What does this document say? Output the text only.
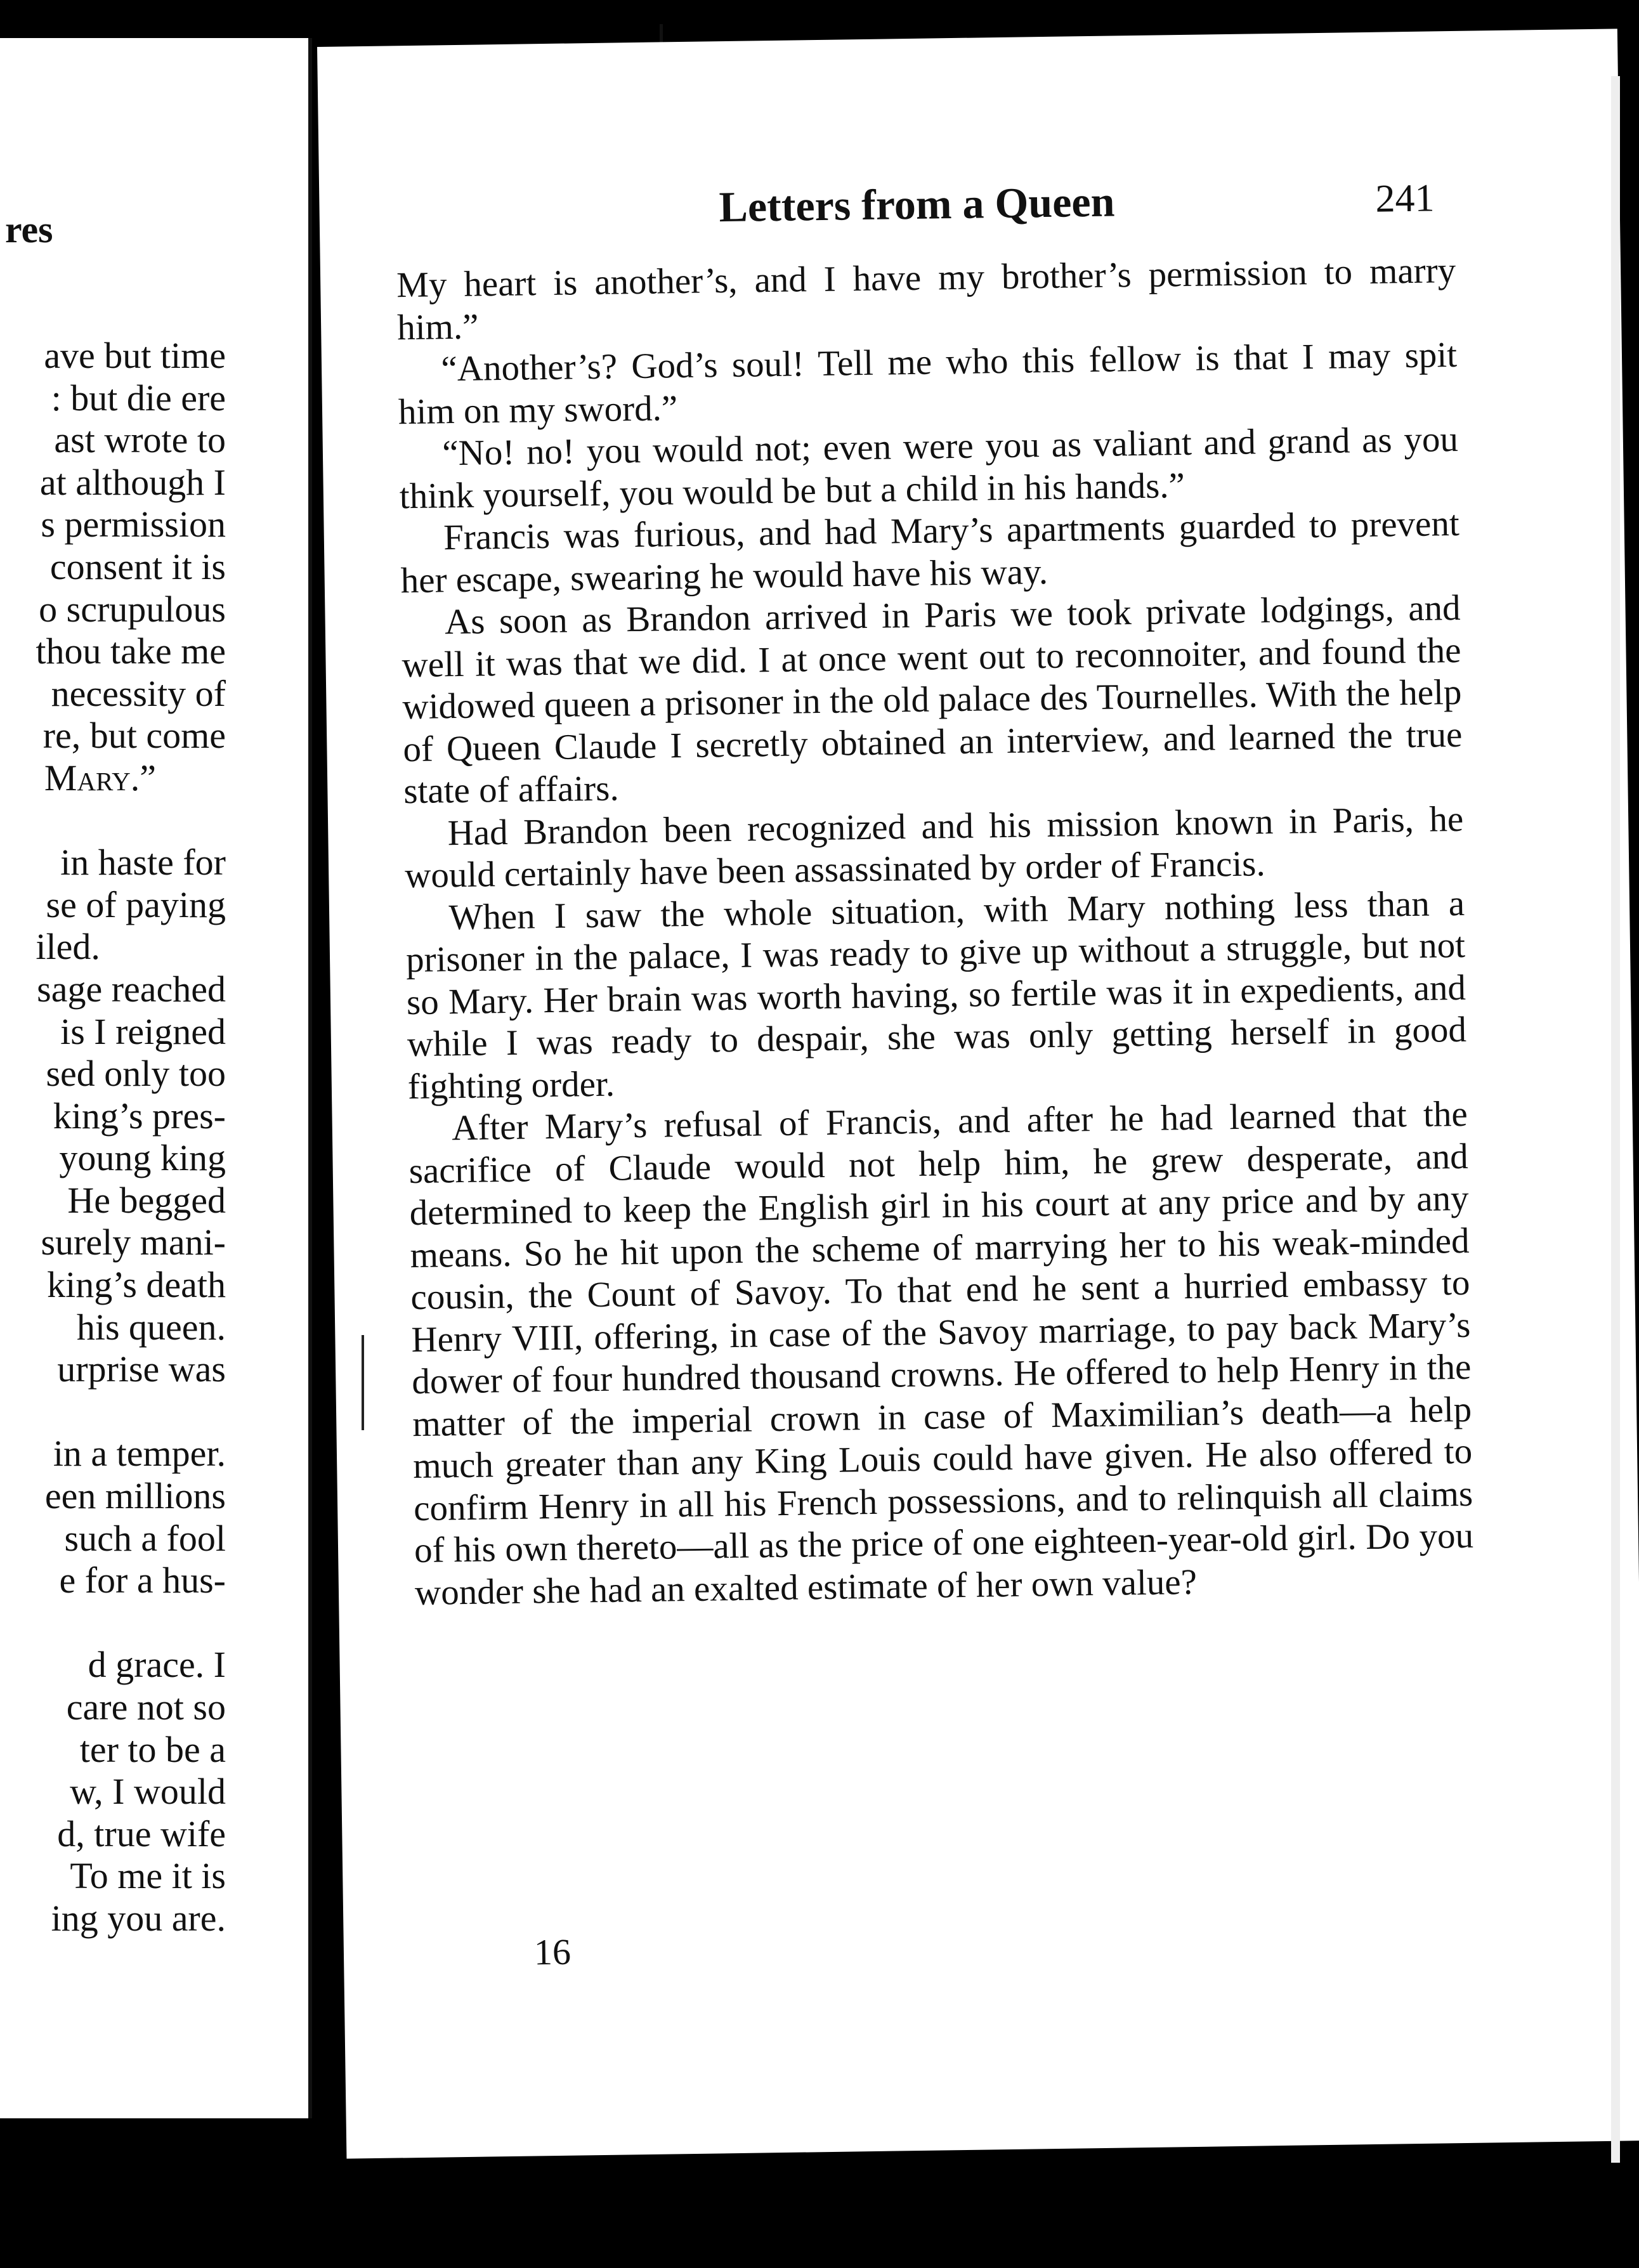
res
ave but time
: but die ere
ast wrote to
at although I
s permission
consent it is
o scrupulous
thou take me
necessity of
re, but come
Mary.”
in haste for
se of paying
iled.
sage reached
is I reigned
sed only too
king’s pres-
young king
He begged
surely mani-
king’s death
his queen.
urprise was
in a temper.
een millions
such a fool
e for a hus-
d grace. I
care not so
ter to be a
w, I would
d, true wife
To me it is
ing you are.
Letters from a Queen	241

My heart is another’s, and I have my brother’s permission to marry him.”

“Another’s? God’s soul! Tell me who this fellow is that I may spit him on my sword.”

“No! no! you would not; even were you as valiant and grand as you think yourself, you would be but a child in his hands.”

Francis was furious, and had Mary’s apartments guarded to prevent her escape, swearing he would have his way.

As soon as Brandon arrived in Paris we took private lodgings, and well it was that we did. I at once went out to reconnoiter, and found the widowed queen a prisoner in the old palace des Tournelles. With the help of Queen Claude I secretly obtained an interview, and learned the true state of affairs.

Had Brandon been recognized and his mission known in Paris, he would certainly have been assassinated by order of Francis.

When I saw the whole situation, with Mary nothing less than a prisoner in the palace, I was ready to give up without a struggle, but not so Mary. Her brain was worth having, so fertile was it in expedients, and while I was ready to despair, she was only getting herself in good fighting order.

After Mary’s refusal of Francis, and after he had learned that the sacrifice of Claude would not help him, he grew desperate, and determined to keep the English girl in his court at any price and by any means. So he hit upon the scheme of marrying her to his weak-minded cousin, the Count of Savoy. To that end he sent a hurried embassy to Henry VIII, offering, in case of the Savoy marriage, to pay back Mary’s dower of four hundred thousand crowns. He offered to help Henry in the matter of the imperial crown in case of Maximilian’s death—a help much greater than any King Louis could have given. He also offered to confirm Henry in all his French possessions, and to relinquish all claims of his own thereto—all as the price of one eighteen-year-old girl. Do you wonder she had an exalted estimate of her own value?

16
